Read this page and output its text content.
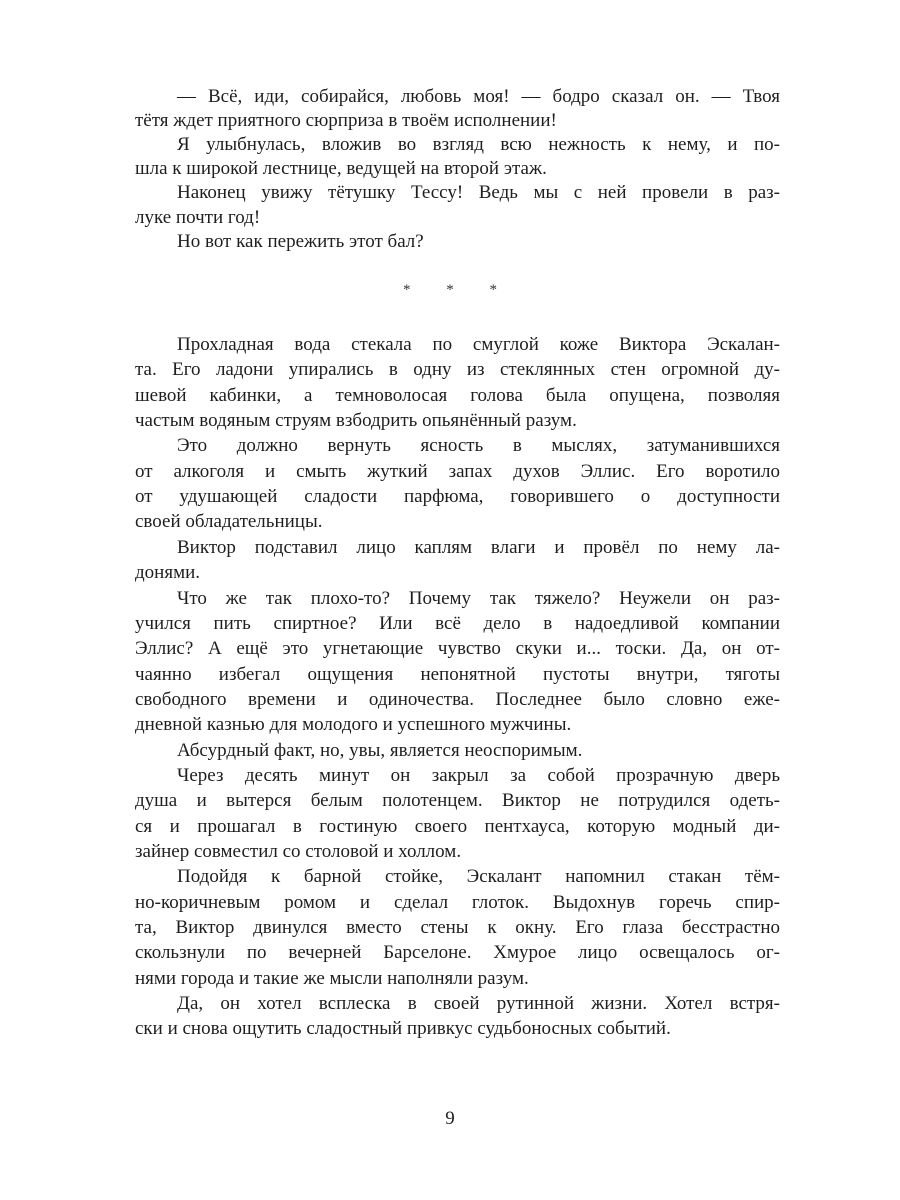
— Всё, иди, собирайся, любовь моя! — бодро сказал он. — Твоя
тётя ждет приятного сюрприза в твоём исполнении!
Я улыбнулась, вложив во взгляд всю нежность к нему, и по-
шла к широкой лестнице, ведущей на второй этаж.
Наконец увижу тётушку Тессу! Ведь мы с ней провели в раз-
луке почти год!
Но вот как пережить этот бал?
* * *
Прохладная вода стекала по смуглой коже Виктора Эскалан-
та. Его ладони упирались в одну из стеклянных стен огромной ду-
шевой кабинки, а темноволосая голова была опущена, позволяя
частым водяным струям взбодрить опьянённый разум.
Это должно вернуть ясность в мыслях, затуманившихся
от алкоголя и смыть жуткий запах духов Эллис. Его воротило
от удушающей сладости парфюма, говорившего о доступности
своей обладательницы.
Виктор подставил лицо каплям влаги и провёл по нему ла-
донями.
Что же так плохо-то? Почему так тяжело? Неужели он раз-
учился пить спиртное? Или всё дело в надоедливой компании
Эллис? А ещё это угнетающие чувство скуки и... тоски. Да, он от-
чаянно избегал ощущения непонятной пустоты внутри, тяготы
свободного времени и одиночества. Последнее было словно еже-
дневной казнью для молодого и успешного мужчины.
Абсурдный факт, но, увы, является неоспоримым.
Через десять минут он закрыл за собой прозрачную дверь
душа и вытерся белым полотенцем. Виктор не потрудился одеть-
ся и прошагал в гостиную своего пентхауса, которую модный ди-
зайнер совместил со столовой и холлом.
Подойдя к барной стойке, Эскалант напомнил стакан тём-
но-коричневым ромом и сделал глоток. Выдохнув горечь спир-
та, Виктор двинулся вместо стены к окну. Его глаза бесстрастно
скользнули по вечерней Барселоне. Хмурое лицо освещалось ог-
нями города и такие же мысли наполняли разум.
Да, он хотел всплеска в своей рутинной жизни. Хотел встря-
ски и снова ощутить сладостный привкус судьбоносных событий.
9
